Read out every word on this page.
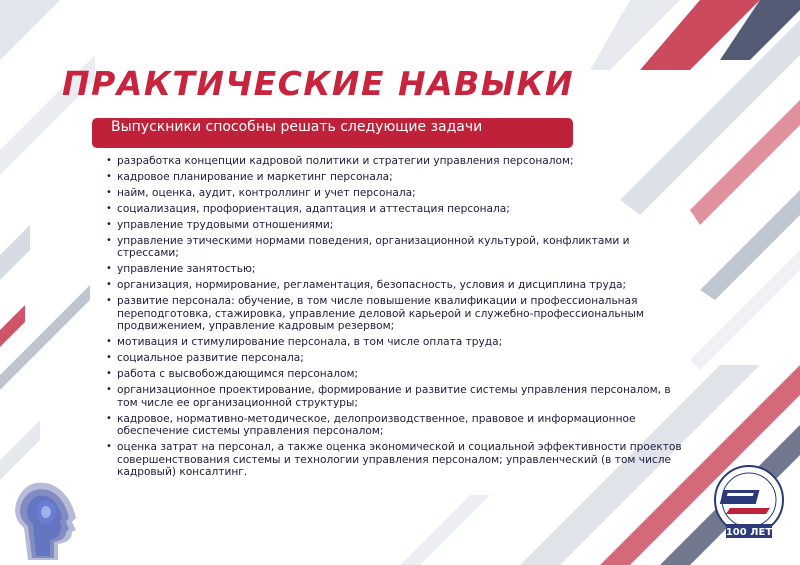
ПРАКТИЧЕСКИЕ НАВЫКИ
Выпускники способны решать следующие задачи
• разработка концепции кадровой политики и стратегии управления персоналом;
• кадровое планирование и маркетинг персонала;
• найм, оценка, аудит, контроллинг и учет персонала;
• социализация, профориентация, адаптация и аттестация персонала;
• управление трудовыми отношениями;
• управление этическими нормами поведения, организационной культурой, конфликтами и стрессами;
• управление занятостью;
• организация, нормирование, регламентация, безопасность, условия и дисциплина труда;
• развитие персонала: обучение, в том числе повышение квалификации и профессиональная переподготовка, стажировка, управление деловой карьерой и служебно-профессиональным продвижением, управление кадровым резервом;
• мотивация и стимулирование персонала, в том числе оплата труда;
• социальное развитие персонала;
• работа с высвобождающимся персоналом;
• организационное проектирование, формирование и развитие системы управления персоналом, в том числе ее организационной структуры;
• кадровое, нормативно-методическое, делопроизводственное, правовое и информационное обеспечение системы управления персоналом;
• оценка затрат на персонал, а также оценка экономической и социальной эффективности проектов совершенствования системы и технологии управления персоналом; управленческий (в том числе кадровый) консалтинг.
100 ЛЕТ
